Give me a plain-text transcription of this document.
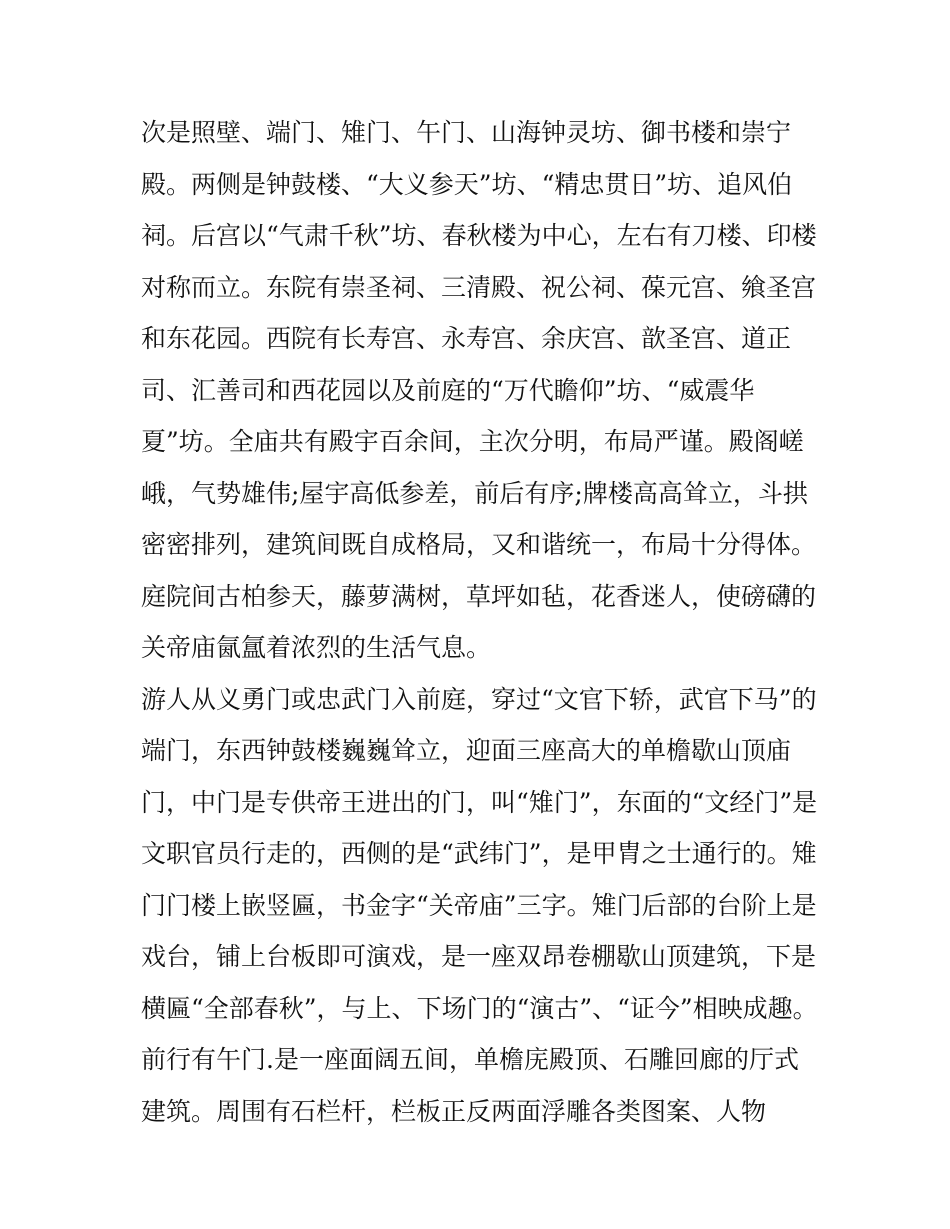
次是照壁、端门、雉门、午门、山海钟灵坊、御书楼和崇宁
殿。两侧是钟鼓楼、“大义参天”坊、“精忠贯日”坊、追风伯
祠。后宫以“气肃千秋”坊、春秋楼为中心，左右有刀楼、印楼
对称而立。东院有崇圣祠、三清殿、祝公祠、葆元宫、飨圣宫
和东花园。西院有长寿宫、永寿宫、余庆宫、歆圣宫、道正
司、汇善司和西花园以及前庭的“万代瞻仰”坊、“威震华
夏”坊。全庙共有殿宇百余间，主次分明，布局严谨。殿阁嵯
峨，气势雄伟;屋宇高低参差，前后有序;牌楼高高耸立，斗拱
密密排列，建筑间既自成格局，又和谐统一，布局十分得体。
庭院间古柏参天，藤萝满树，草坪如毡，花香迷人，使磅礴的
关帝庙氤氲着浓烈的生活气息。
游人从义勇门或忠武门入前庭，穿过“文官下轿，武官下马”的
端门，东西钟鼓楼巍巍耸立，迎面三座高大的单檐歇山顶庙
门，中门是专供帝王进出的门，叫“雉门”，东面的“文经门”是
文职官员行走的，西侧的是“武纬门”，是甲胄之士通行的。雉
门门楼上嵌竖匾，书金字“关帝庙”三字。雉门后部的台阶上是
戏台，铺上台板即可演戏，是一座双昂卷棚歇山顶建筑，下是
横匾“全部春秋”，与上、下场门的“演古”、“证今”相映成趣。
前行有午门.是一座面阔五间，单檐庑殿顶、石雕回廊的厅式
建筑。周围有石栏杆，栏板正反两面浮雕各类图案、人物
